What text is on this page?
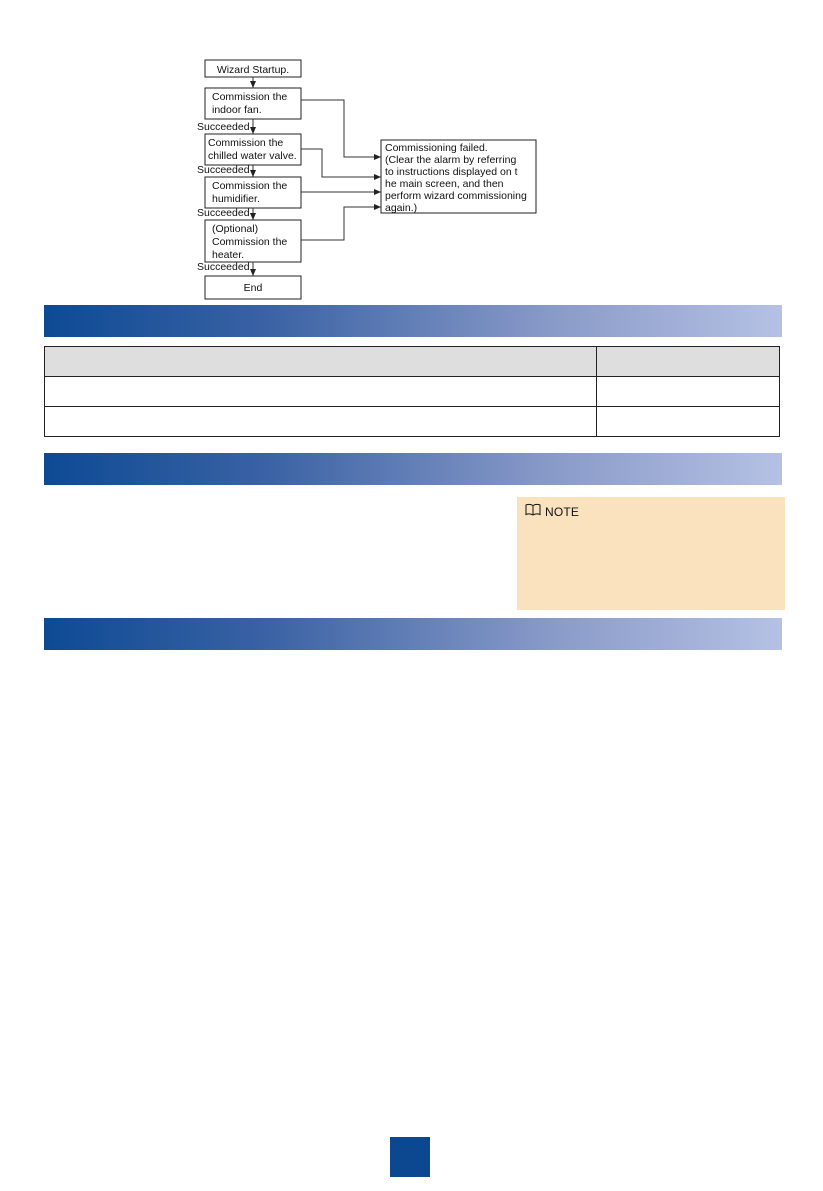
Wizard Startup.
Commission the
indoor fan.
Succeeded
Commission the
chilled water valve.
Succeeded
Commission the
humidifier.
Succeeded
(Optional)
Commission the
heater.
Succeeded
End
Commissioning failed.
(Clear the alarm by referring
to instructions displayed on t
he main screen, and then
perform wizard commissioning
again.)

NOTE
